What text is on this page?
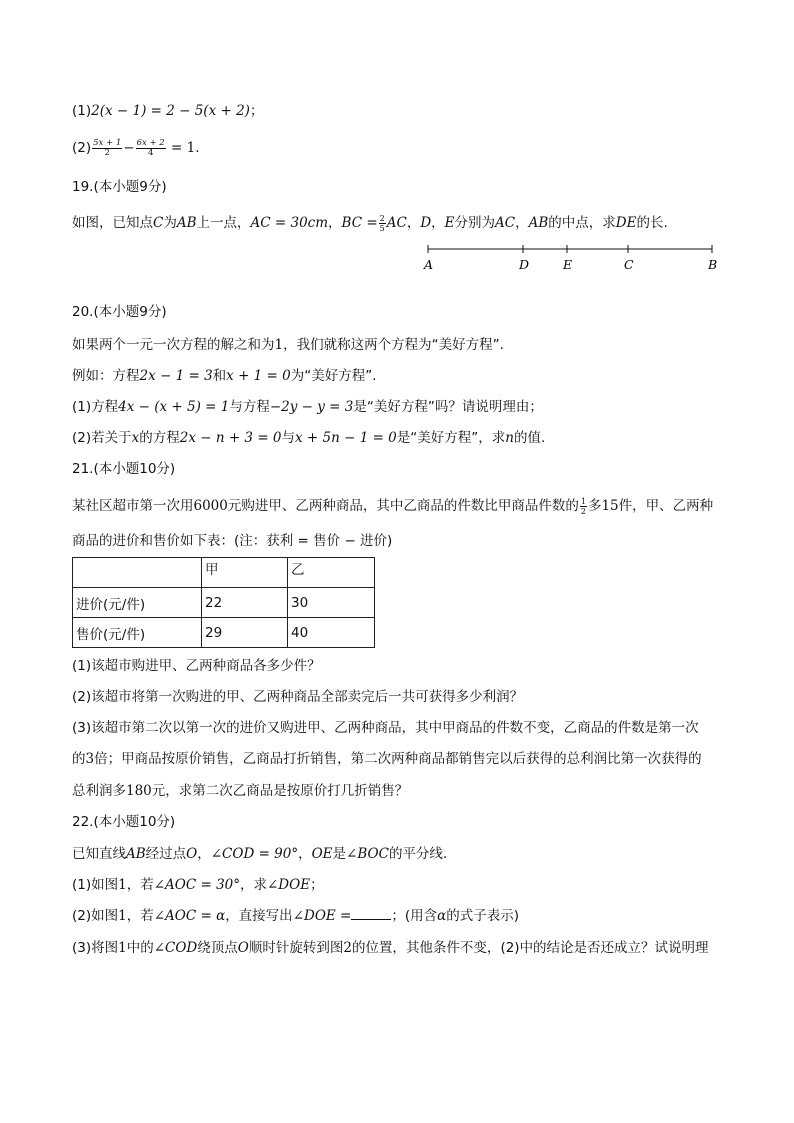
(1)2(x − 1) = 2 − 5(x + 2)；
$(2) \frac{5x + 1}{2} - \frac{6x + 2}{4} = 1$.
19.(本小题9分)
如图，已知点C为AB上一点，AC = 30cm，BC = $\frac{2}{5}$ AC，D，E分别为AC，AB的中点，求DE的长.
A	D	E	C	B
20.(本小题9分)
如果两个一元一次方程的解之和为1，我们就称这两个方程为“美好方程”.
例如：方程2x − 1 = 3和x + 1 = 0为“美好方程”.
(1)方程4x − (x + 5) = 1与方程−2y − y = 3是“美好方程”吗？请说明理由；
(2)若关于x的方程2x − n + 3 = 0与x + 5n − 1 = 0是“美好方程”，求n的值.
21.(本小题10分)
某社区超市第一次用6000元购进甲、乙两种商品，其中乙商品的件数比甲商品件数的 $\frac{1}{2}$ 多15件，甲、乙两种
商品的进价和售价如下表：(注：获利 = 售价 − 进价)
	甲	乙
进价(元/件)	22	30
售价(元/件)	29	40
(1)该超市购进甲、乙两种商品各多少件？
(2)该超市将第一次购进的甲、乙两种商品全部卖完后一共可获得多少利润？
(3)该超市第二次以第一次的进价又购进甲、乙两种商品，其中甲商品的件数不变，乙商品的件数是第一次
的3倍；甲商品按原价销售，乙商品打折销售，第二次两种商品都销售完以后获得的总利润比第一次获得的
总利润多180元，求第二次乙商品是按原价打几折销售？
22.(本小题10分)
已知直线AB经过点O，∠COD = 90°，OE是∠BOC的平分线.
(1)如图1，若∠AOC = 30°，求∠DOE；
(2)如图1，若∠AOC = α，直接写出∠DOE =	；(用含α的式子表示)
(3)将图1中的∠COD绕顶点O顺时针旋转到图2的位置，其他条件不变，(2)中的结论是否还成立？试说明理
